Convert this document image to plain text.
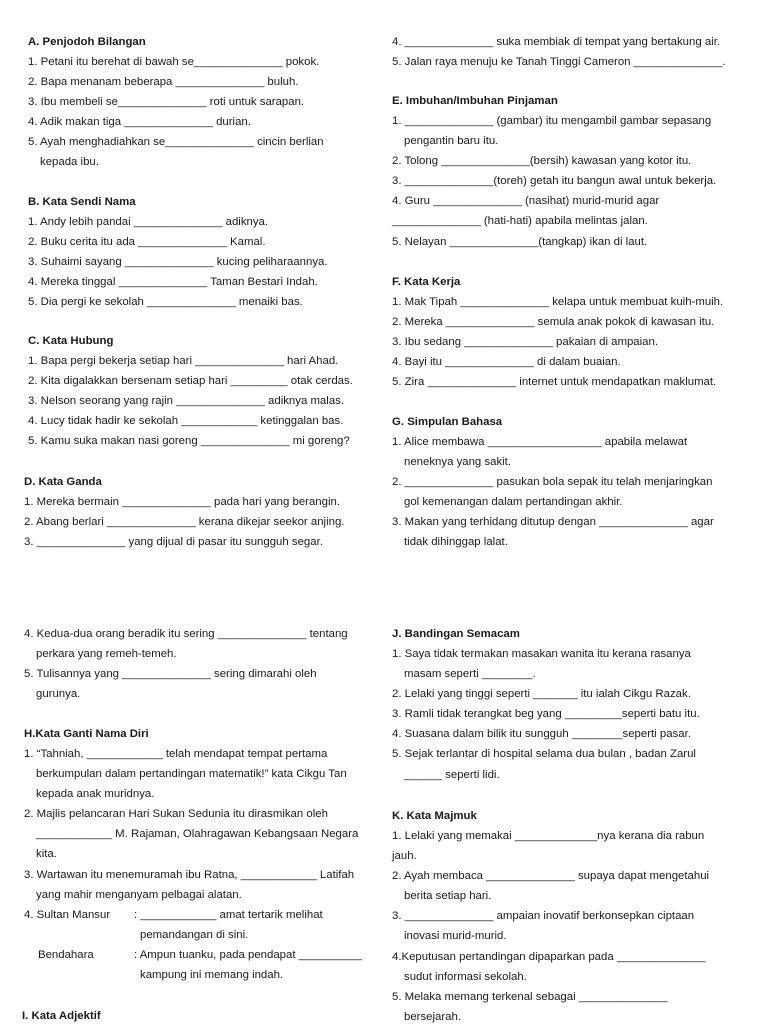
A. Penjodoh Bilangan
1. Petani itu berehat di bawah se______________ pokok.
2. Bapa menanam beberapa ______________ buluh.
3. Ibu membeli se______________ roti untuk sarapan.
4. Adik makan tiga ______________ durian.
5. Ayah menghadiahkan se______________ cincin berlian
kepada ibu.
B. Kata Sendi Nama
1. Andy lebih pandai ______________ adiknya.
2. Buku cerita itu ada ______________ Kamal.
3. Suhaimi sayang ______________ kucing peliharaannya.
4. Mereka tinggal ______________ Taman Bestari Indah.
5. Dia pergi ke sekolah ______________ menaiki bas.
C. Kata Hubung
1. Bapa pergi bekerja setiap hari ______________ hari Ahad.
2. Kita digalakkan bersenam setiap hari _________ otak cerdas.
3. Nelson seorang yang rajin ______________ adiknya malas.
4. Lucy tidak hadir ke sekolah ____________ ketinggalan bas.
5. Kamu suka makan nasi goreng ______________ mi goreng?
D. Kata Ganda
1. Mereka bermain ______________ pada hari yang berangin.
2. Abang berlari ______________ kerana dikejar seekor anjing.
3. ______________ yang dijual di pasar itu sungguh segar.
4. ______________ suka membiak di tempat yang bertakung air.
5. Jalan raya menuju ke Tanah Tinggi Cameron ______________.
E. Imbuhan/Imbuhan Pinjaman
1. ______________ (gambar) itu mengambil gambar sepasang
pengantin baru itu.
2. Tolong ______________(bersih) kawasan yang kotor itu.
3. ______________(toreh) getah itu bangun awal untuk bekerja.
4. Guru ______________ (nasihat) murid-murid agar
______________ (hati-hati) apabila melintas jalan.
5. Nelayan ______________(tangkap) ikan di laut.
F. Kata Kerja
1. Mak Tipah ______________ kelapa untuk membuat kuih-muih.
2. Mereka ______________ semula anak pokok di kawasan itu.
3. Ibu sedang ______________ pakaian di ampaian.
4. Bayi itu ______________ di dalam buaian.
5. Zira ______________ internet untuk mendapatkan maklumat.
G. Simpulan Bahasa
1. Alice membawa __________________ apabila melawat
neneknya yang sakit.
2. ______________ pasukan bola sepak itu telah menjaringkan
gol kemenangan dalam pertandingan akhir.
3. Makan yang terhidang ditutup dengan ______________ agar
tidak dihinggap lalat.
4. Kedua-dua orang beradik itu sering ______________ tentang
perkara yang remeh-temeh.
5. Tulisannya yang ______________ sering dimarahi oleh
gurunya.
H.Kata Ganti Nama Diri
1. “Tahniah, ____________ telah mendapat tempat pertama
berkumpulan dalam pertandingan matematik!” kata Cikgu Tan
kepada anak muridnya.
2. Majlis pelancaran Hari Sukan Sedunia itu dirasmikan oleh
____________ M. Rajaman, Olahragawan Kebangsaan Negara
kita.
3. Wartawan itu menemuramah ibu Ratna, ____________ Latifah
yang mahir menganyam pelbagai alatan.
4. Sultan Mansur : ____________ amat tertarik melihat
pemandangan di sini.
Bendahara	: Ampun tuanku, pada pendapat __________
kampung ini memang indah.
I. Kata Adjektif
J. Bandingan Semacam
1. Saya tidak termakan masakan wanita itu kerana rasanya
masam seperti ________.
2. Lelaki yang tinggi seperti _______ itu ialah Cikgu Razak.
3. Ramli tidak terangkat beg yang _________seperti batu itu.
4. Suasana dalam bilik itu sungguh ________seperti pasar.
5. Sejak terlantar di hospital selama dua bulan , badan Zarul
______ seperti lidi.
K. Kata Majmuk
1. Lelaki yang memakai _____________nya kerana dia rabun
jauh.
2. Ayah membaca ______________ supaya dapat mengetahui
berita setiap hari.
3. ______________ ampaian inovatif berkonsepkan ciptaan
inovasi murid-murid.
4.Keputusan pertandingan dipaparkan pada ______________
sudut informasi sekolah.
5. Melaka memang terkenal sebagai ______________
bersejarah.
